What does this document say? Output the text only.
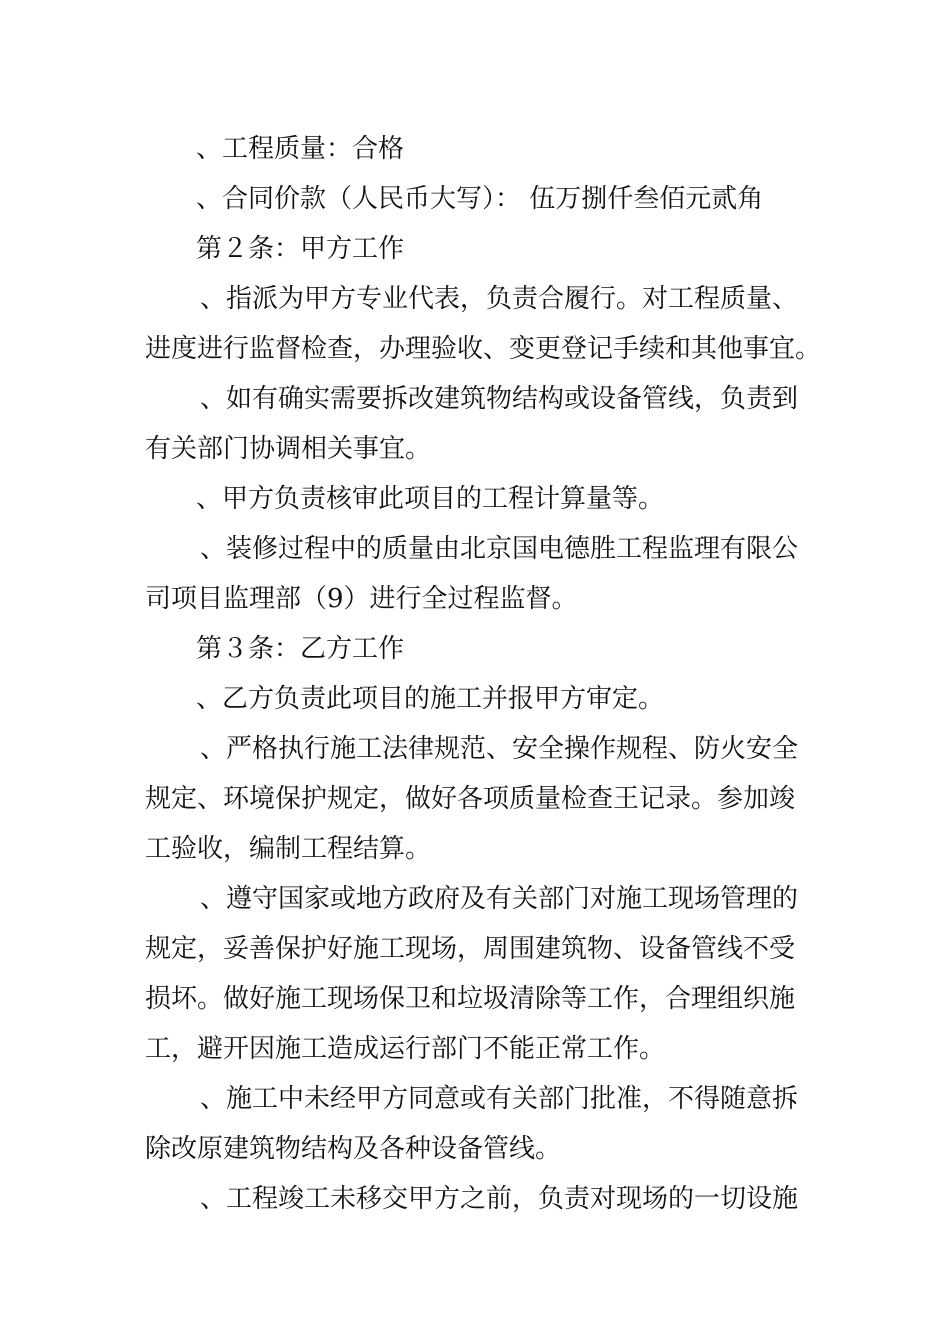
、工程质量：合格

、合同价款（人民币大写）： 伍万捌仟叁佰元贰角

第２条：甲方工作

、指派为甲方专业代表，负责合履行。对工程质量、

进度进行监督检查，办理验收、变更登记手续和其他事宜。

、如有确实需要拆改建筑物结构或设备管线，负责到

有关部门协调相关事宜。

、甲方负责核审此项目的工程计算量等。

、装修过程中的质量由北京国电德胜工程监理有限公

司项目监理部（9）进行全过程监督。

第３条：乙方工作

、乙方负责此项目的施工并报甲方审定。

、严格执行施工法律规范、安全操作规程、防火安全

规定、环境保护规定，做好各项质量检查王记录。参加竣

工验收，编制工程结算。

、遵守国家或地方政府及有关部门对施工现场管理的

规定，妥善保护好施工现场，周围建筑物、设备管线不受

损坏。做好施工现场保卫和垃圾清除等工作，合理组织施

工，避开因施工造成运行部门不能正常工作。

、施工中未经甲方同意或有关部门批准，不得随意拆

除改原建筑物结构及各种设备管线。

、工程竣工未移交甲方之前，负责对现场的一切设施
